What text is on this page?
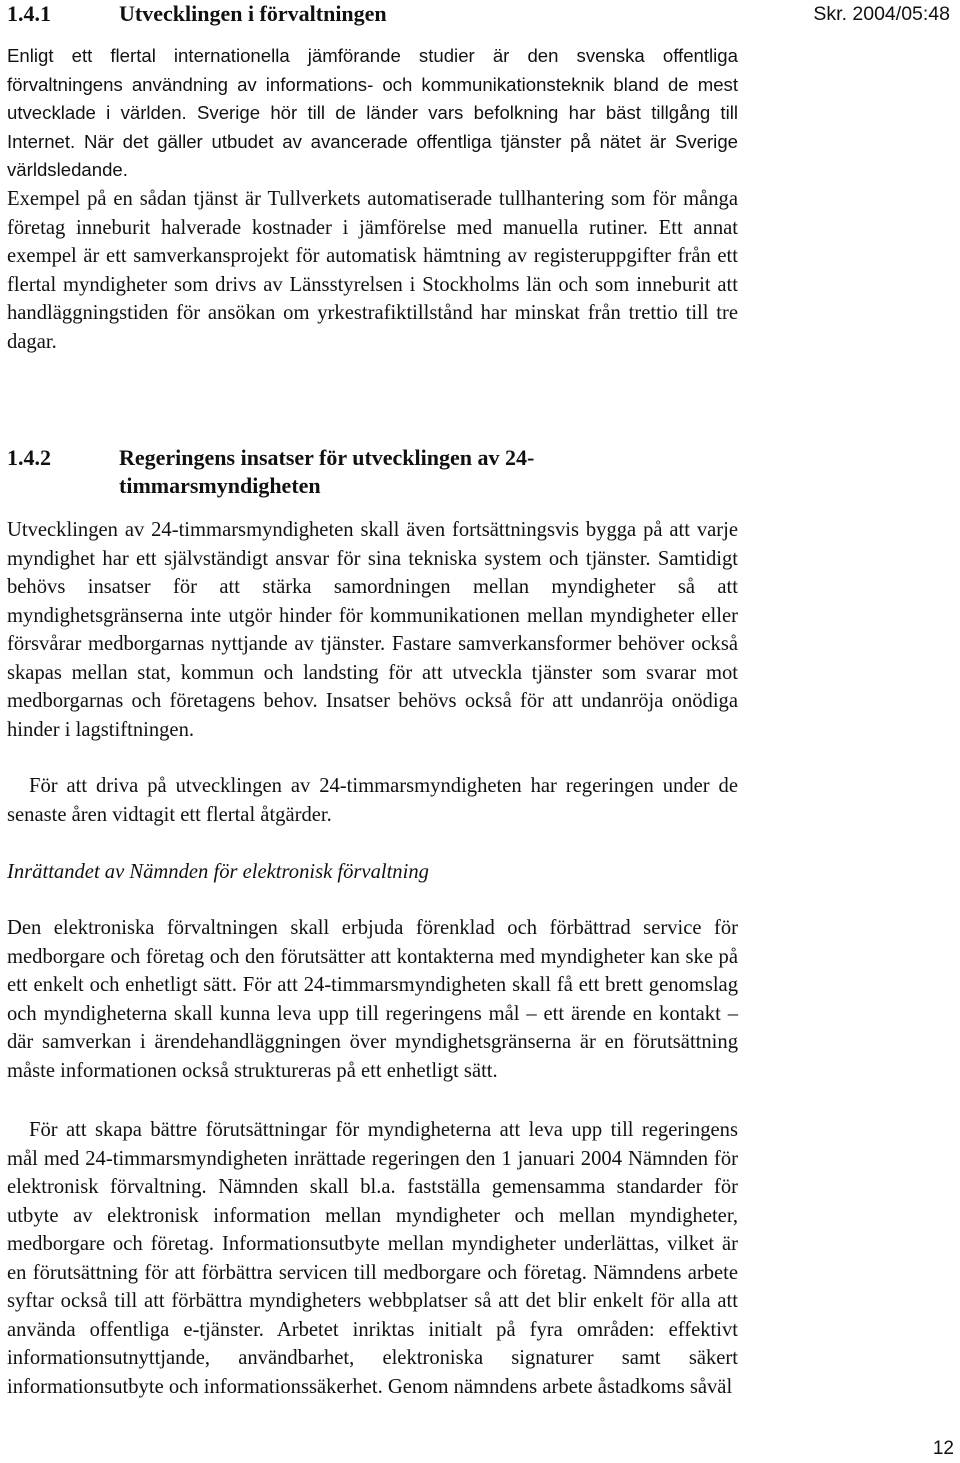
Skr. 2004/05:48
1.4.1	Utvecklingen i förvaltningen

Enligt ett flertal internationella jämförande studier är den svenska offentliga förvaltningens användning av informations- och kommunikationsteknik bland de mest utvecklade i världen. Sverige hör till de länder vars befolkning har bäst tillgång till Internet. När det gäller utbudet av avancerade offentliga tjänster på nätet är Sverige världsledande.

Exempel på en sådan tjänst är Tullverkets automatiserade tullhantering som för många företag inneburit halverade kostnader i jämförelse med manuella rutiner. Ett annat exempel är ett samverkansprojekt för automatisk hämtning av registeruppgifter från ett flertal myndigheter som drivs av Länsstyrelsen i Stockholms län och som inneburit att handläggningstiden för ansökan om yrkestrafiktillstånd har minskat från trettio till tre dagar.

1.4.2	Regeringens insatser för utvecklingen av 24-
timmarsmyndigheten

Utvecklingen av 24-timmarsmyndigheten skall även fortsättningsvis bygga på att varje myndighet har ett självständigt ansvar för sina tekniska system och tjänster. Samtidigt behövs insatser för att stärka samordningen mellan myndigheter så att myndighetsgränserna inte utgör hinder för kommunikationen mellan myndigheter eller försvårar medborgarnas nyttjande av tjänster. Fastare samverkansformer behöver också skapas mellan stat, kommun och landsting för att utveckla tjänster som svarar mot medborgarnas och företagens behov. Insatser behövs också för att undanröja onödiga hinder i lagstiftningen.

För att driva på utvecklingen av 24-timmarsmyndigheten har regeringen under de senaste åren vidtagit ett flertal åtgärder.

Inrättandet av Nämnden för elektronisk förvaltning

Den elektroniska förvaltningen skall erbjuda förenklad och förbättrad service för medborgare och företag och den förutsätter att kontakterna med myndigheter kan ske på ett enkelt och enhetligt sätt. För att 24-timmarsmyndigheten skall få ett brett genomslag och myndigheterna skall kunna leva upp till regeringens mål – ett ärende en kontakt – där samverkan i ärendehandläggningen över myndighetsgränserna är en förutsättning måste informationen också struktureras på ett enhetligt sätt.

För att skapa bättre förutsättningar för myndigheterna att leva upp till regeringens mål med 24-timmarsmyndigheten inrättade regeringen den 1 januari 2004 Nämnden för elektronisk förvaltning. Nämnden skall bl.a. fastställa gemensamma standarder för utbyte av elektronisk information mellan myndigheter och mellan myndigheter, medborgare och företag. Informationsutbyte mellan myndigheter underlättas, vilket är en förutsättning för att förbättra servicen till medborgare och företag. Nämndens arbete syftar också till att förbättra myndigheters webbplatser så att det blir enkelt för alla att använda offentliga e-tjänster. Arbetet inriktas initialt på fyra områden: effektivt informationsutnyttjande, användbarhet, elektroniska signaturer samt säkert informationsutbyte och informationssäkerhet. Genom nämndens arbete åstadkoms såväl

12
